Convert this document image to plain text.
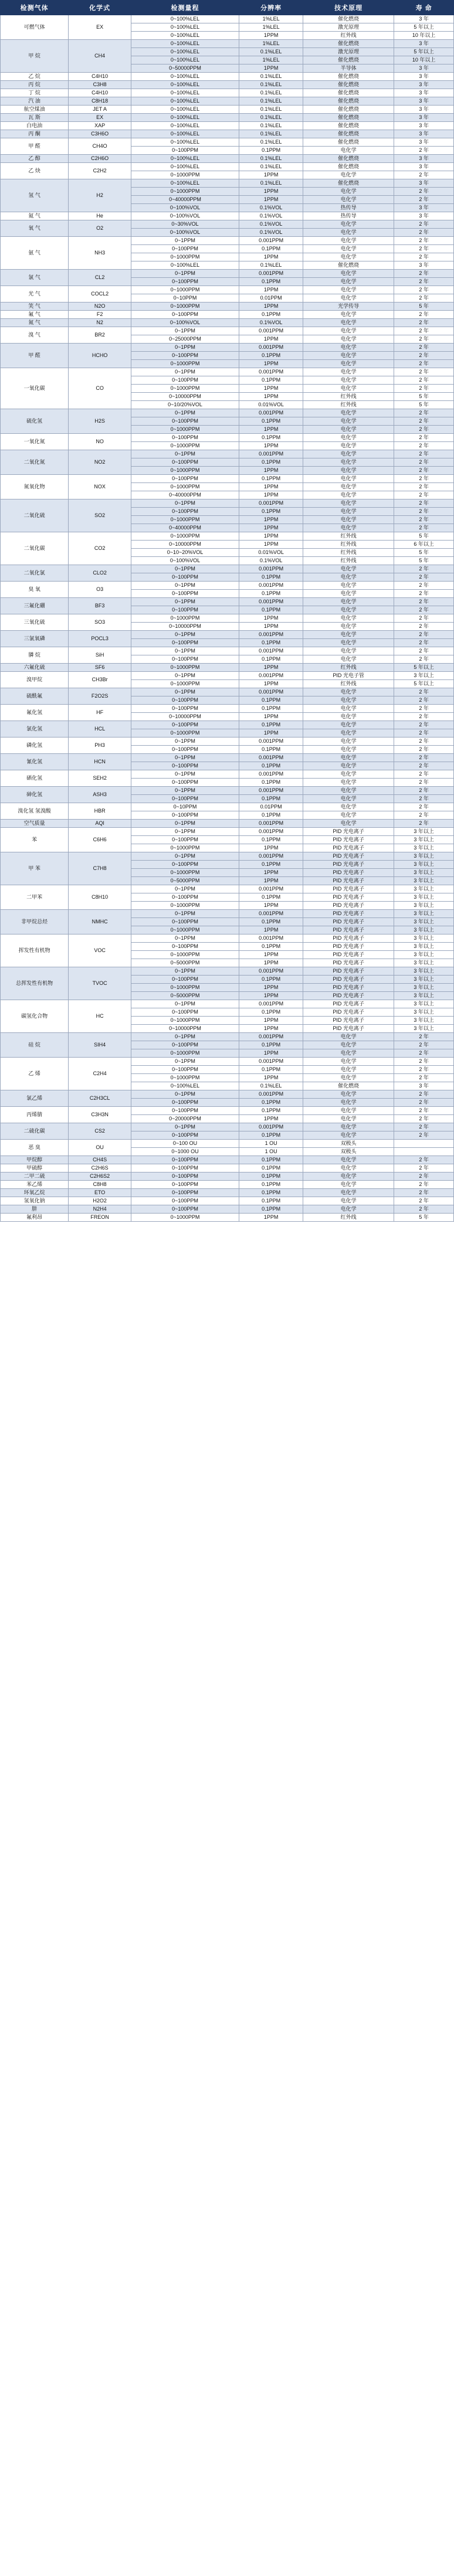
检测气体	化学式	检测量程	分辨率	技术原理	寿 命
可燃气体	EX	0~100%LEL	1%LEL	催化燃烧	3 年
		0~100%LEL	1%LEL	激光原理	5 年以上
		0~100%LEL	1PPM	红外线	10 年以上
甲 烷	CH4	0~100%LEL	1%LEL	催化燃烧	3 年
		0~100%LEL	0.1%LEL	激光原理	5 年以上
		0~100%LEL	1%LEL	催化燃烧	10 年以上
		0~50000PPM	1PPM	半导体	3 年
乙 烷	C4H10	0~100%LEL	0.1%LEL	催化燃烧	3 年
丙 烷	C3H8	0~100%LEL	0.1%LEL	催化燃烧	3 年
丁 烷	C4H10	0~100%LEL	0.1%LEL	催化燃烧	3 年
汽 油	C8H18	0~100%LEL	0.1%LEL	催化燃烧	3 年
航空煤油	JET A	0~100%LEL	0.1%LEL	催化燃烧	3 年
瓦 斯	EX	0~100%LEL	0.1%LEL	催化燃烧	3 年
白电油	XAP	0~100%LEL	0.1%LEL	催化燃烧	3 年
丙 酮	C3H6O	0~100%LEL	0.1%LEL	催化燃烧	3 年
甲 醛	CH4O	0~100%LEL	0.1%LEL	催化燃烧	3 年
		0~100PPM	0.1PPM	电化学	2 年
乙 醇	C2H6O	0~100%LEL	0.1%LEL	催化燃烧	3 年
乙 炔	C2H2	0~100%LEL	0.1%LEL	催化燃烧	3 年
		0~1000PPM	1PPM	电化学	2 年
氢 气	H2	0~100%LEL	0.1%LEL	催化燃烧	3 年
		0~1000PPM	1PPM	电化学	2 年
		0~40000PPM	1PPM	电化学	2 年
		0~100%VOL	0.1%VOL	热传导	3 年
氦 气	He	0~100%VOL	0.1%VOL	热传导	3 年
氧 气	O2	0~30%VOL	0.1%VOL	电化学	2 年
		0~100%VOL	0.1%VOL	电化学	2 年
氨 气	NH3	0~1PPM	0.001PPM	电化学	2 年
		0~100PPM	0.1PPM	电化学	2 年
		0~1000PPM	1PPM	电化学	2 年
		0~100%LEL	0.1%LEL	催化燃烧	3 年
氯 气	CL2	0~1PPM	0.001PPM	电化学	2 年
		0~100PPM	0.1PPM	电化学	2 年
光 气	COCL2	0~1000PPM	1PPM	电化学	2 年
		0~10PPM	0.01PPM	电化学	2 年
笑 气	N2O	0~1000PPM	1PPM	光学传导	5 年
氟 气	F2	0~100PPM	0.1PPM	电化学	2 年
氮 气	N2	0~100%VOL	0.1%VOL	电化学	2 年
溴 气	BR2	0~1PPM	0.001PPM	电化学	2 年
		0~25000PPM	1PPM	电化学	2 年
甲 醛	HCHO	0~1PPM	0.001PPM	电化学	2 年
		0~100PPM	0.1PPM	电化学	2 年
		0~1000PPM	1PPM	电化学	2 年
一氧化碳	CO	0~1PPM	0.001PPM	电化学	2 年
		0~100PPM	0.1PPM	电化学	2 年
		0~1000PPM	1PPM	电化学	2 年
		0~10000PPM	1PPM	红外线	5 年
		0~10/20%VOL	0.01%VOL	红外线	5 年
硫化氢	H2S	0~1PPM	0.001PPM	电化学	2 年
		0~100PPM	0.1PPM	电化学	2 年
		0~1000PPM	1PPM	电化学	2 年
一氧化氮	NO	0~100PPM	0.1PPM	电化学	2 年
		0~1000PPM	1PPM	电化学	2 年
二氧化氮	NO2	0~1PPM	0.001PPM	电化学	2 年
		0~100PPM	0.1PPM	电化学	2 年
		0~1000PPM	1PPM	电化学	2 年
氮氧化物	NOX	0~100PPM	0.1PPM	电化学	2 年
		0~1000PPM	1PPM	电化学	2 年
		0~40000PPM	1PPM	电化学	2 年
二氧化硫	SO2	0~1PPM	0.001PPM	电化学	2 年
		0~100PPM	0.1PPM	电化学	2 年
		0~1000PPM	1PPM	电化学	2 年
		0~40000PPM	1PPM	电化学	2 年
二氧化碳	CO2	0~1000PPM	1PPM	红外线	5 年
		0~10000PPM	1PPM	红外线	6 年以上
		0~10~20%VOL	0.01%VOL	红外线	5 年
		0~100%VOL	0.1%VOL	红外线	5 年
二氧化氯	CLO2	0~1PPM	0.001PPM	电化学	2 年
		0~100PPM	0.1PPM	电化学	2 年
臭 氧	O3	0~1PPM	0.001PPM	电化学	2 年
		0~100PPM	0.1PPM	电化学	2 年
三氟化硼	BF3	0~1PPM	0.001PPM	电化学	2 年
		0~100PPM	0.1PPM	电化学	2 年
三氧化硫	SO3	0~1000PPM	1PPM	电化学	2 年
		0~10000PPM	1PPM	电化学	2 年
三氯氧磷	POCL3	0~1PPM	0.001PPM	电化学	2 年
		0~100PPM	0.1PPM	电化学	2 年
膦 烷	SiH	0~1PPM	0.001PPM	电化学	2 年
		0~100PPM	0.1PPM	电化学	2 年
六氟化硫	SF6	0~1000PPM	1PPM	红外线	5 年以上
溴甲烷	CH3Br	0~1PPM	0.001PPM	PID 光电子管	3 年以上
		0~1000PPM	1PPM	红外线	5 年以上
硫酰氟	F2O2S	0~1PPM	0.001PPM	电化学	2 年
		0~100PPM	0.1PPM	电化学	2 年
氟化氢	HF	0~100PPM	0.1PPM	电化学	2 年
		0~10000PPM	1PPM	电化学	2 年
氯化氢	HCL	0~100PPM	0.1PPM	电化学	2 年
		0~1000PPM	1PPM	电化学	2 年
磷化氢	PH3	0~1PPM	0.001PPM	电化学	2 年
		0~100PPM	0.1PPM	电化学	2 年
氰化氢	HCN	0~1PPM	0.001PPM	电化学	2 年
		0~100PPM	0.1PPM	电化学	2 年
硒化氢	SEH2	0~1PPM	0.001PPM	电化学	2 年
		0~100PPM	0.1PPM	电化学	2 年
砷化氢	ASH3	0~1PPM	0.001PPM	电化学	2 年
		0~100PPM	0.1PPM	电化学	2 年
溴化氢 氢溴酸	HBR	0~10PPM	0.01PPM	电化学	2 年
		0~100PPM	0.1PPM	电化学	2 年
空气质量	AQI	0~1PPM	0.001PPM	电化学	2 年
苯	C6H6	0~1PPM	0.001PPM	PID 光电离子	3 年以上
		0~100PPM	0.1PPM	PID 光电离子	3 年以上
		0~1000PPM	1PPM	PID 光电离子	3 年以上
甲 苯	C7H8	0~1PPM	0.001PPM	PID 光电离子	3 年以上
		0~100PPM	0.1PPM	PID 光电离子	3 年以上
		0~1000PPM	1PPM	PID 光电离子	3 年以上
		0~5000PPM	1PPM	PID 光电离子	3 年以上
二甲苯	C8H10	0~1PPM	0.001PPM	PID 光电离子	3 年以上
		0~100PPM	0.1PPM	PID 光电离子	3 年以上
		0~1000PPM	1PPM	PID 光电离子	3 年以上
非甲烷总烃	NMHC	0~1PPM	0.001PPM	PID 光电离子	3 年以上
		0~100PPM	0.1PPM	PID 光电离子	3 年以上
		0~1000PPM	1PPM	PID 光电离子	3 年以上
挥发性有机物	VOC	0~1PPM	0.001PPM	PID 光电离子	3 年以上
		0~100PPM	0.1PPM	PID 光电离子	3 年以上
		0~1000PPM	1PPM	PID 光电离子	3 年以上
		0~5000PPM	1PPM	PID 光电离子	3 年以上
总挥发性有机物	TVOC	0~1PPM	0.001PPM	PID 光电离子	3 年以上
		0~100PPM	0.1PPM	PID 光电离子	3 年以上
		0~1000PPM	1PPM	PID 光电离子	3 年以上
		0~5000PPM	1PPM	PID 光电离子	3 年以上
碳氢化合物	HC	0~1PPM	0.001PPM	PID 光电离子	3 年以上
		0~100PPM	0.1PPM	PID 光电离子	3 年以上
		0~1000PPM	1PPM	PID 光电离子	3 年以上
		0~10000PPM	1PPM	PID 光电离子	3 年以上
硅 烷	SIH4	0~1PPM	0.001PPM	电化学	2 年
		0~100PPM	0.1PPM	电化学	2 年
		0~1000PPM	1PPM	电化学	2 年
乙 烯	C2H4	0~1PPM	0.001PPM	电化学	2 年
		0~100PPM	0.1PPM	电化学	2 年
		0~1000PPM	1PPM	电化学	2 年
		0~100%LEL	0.1%LEL	催化燃烧	3 年
氯乙烯	C2H3CL	0~1PPM	0.001PPM	电化学	2 年
		0~100PPM	0.1PPM	电化学	2 年
丙烯腈	C3H3N	0~100PPM	0.1PPM	电化学	2 年
		0~20000PPM	1PPM	电化学	2 年
二硫化碳	CS2	0~1PPM	0.001PPM	电化学	2 年
		0~100PPM	0.1PPM	电化学	2 年
恶 臭	OU	0~100 OU	1 OU	双极头	
		0~1000 OU	1 OU	双极头	
甲烷醇	CH4S	0~100PPM	0.1PPM	电化学	2 年
甲硫醇	C2H6S	0~100PPM	0.1PPM	电化学	2 年
二甲二硫	C2H6S2	0~100PPM	0.1PPM	电化学	2 年
苯乙烯	C8H8	0~100PPM	0.1PPM	电化学	2 年
环氧乙烷	ETO	0~100PPM	0.1PPM	电化学	2 年
氢氧化钠	H2O2	0~100PPM	0.1PPM	电化学	2 年
肼	N2H4	0~100PPM	0.1PPM	电化学	2 年
氟利昂	FREON	0~1000PPM	1PPM	红外线	5 年
